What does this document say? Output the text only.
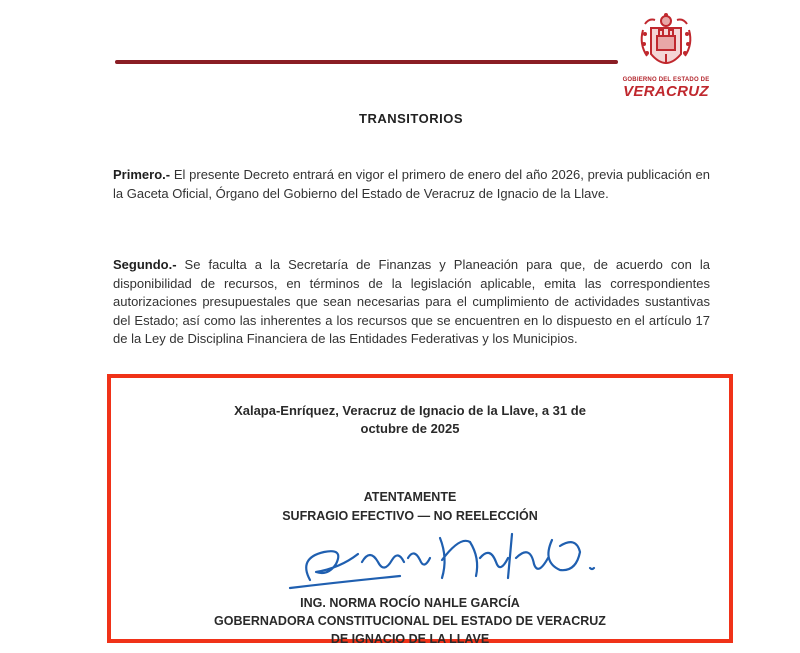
GOBIERNO DEL ESTADO DE
VERACRUZ
TRANSITORIOS
Primero.- El presente Decreto entrará en vigor el primero de enero del año 2026, previa publicación en la Gaceta Oficial, Órgano del Gobierno del Estado de Veracruz de Ignacio de la Llave.
Segundo.- Se faculta a la Secretaría de Finanzas y Planeación para que, de acuerdo con la disponibilidad de recursos, en términos de la legislación aplicable, emita las correspondientes autorizaciones presupuestales que sean necesarias para el cumplimiento de actividades sustantivas del Estado; así como las inherentes a los recursos que se encuentren en lo dispuesto en el artículo 17 de la Ley de Disciplina Financiera de las Entidades Federativas y los Municipios.
Xalapa-Enríquez, Veracruz de Ignacio de la Llave, a 31 de
octubre de 2025
ATENTAMENTE
SUFRAGIO EFECTIVO — NO REELECCIÓN
ING. NORMA ROCÍO NAHLE GARCÍA
GOBERNADORA CONSTITUCIONAL DEL ESTADO DE VERACRUZ
DE IGNACIO DE LA LLAVE
